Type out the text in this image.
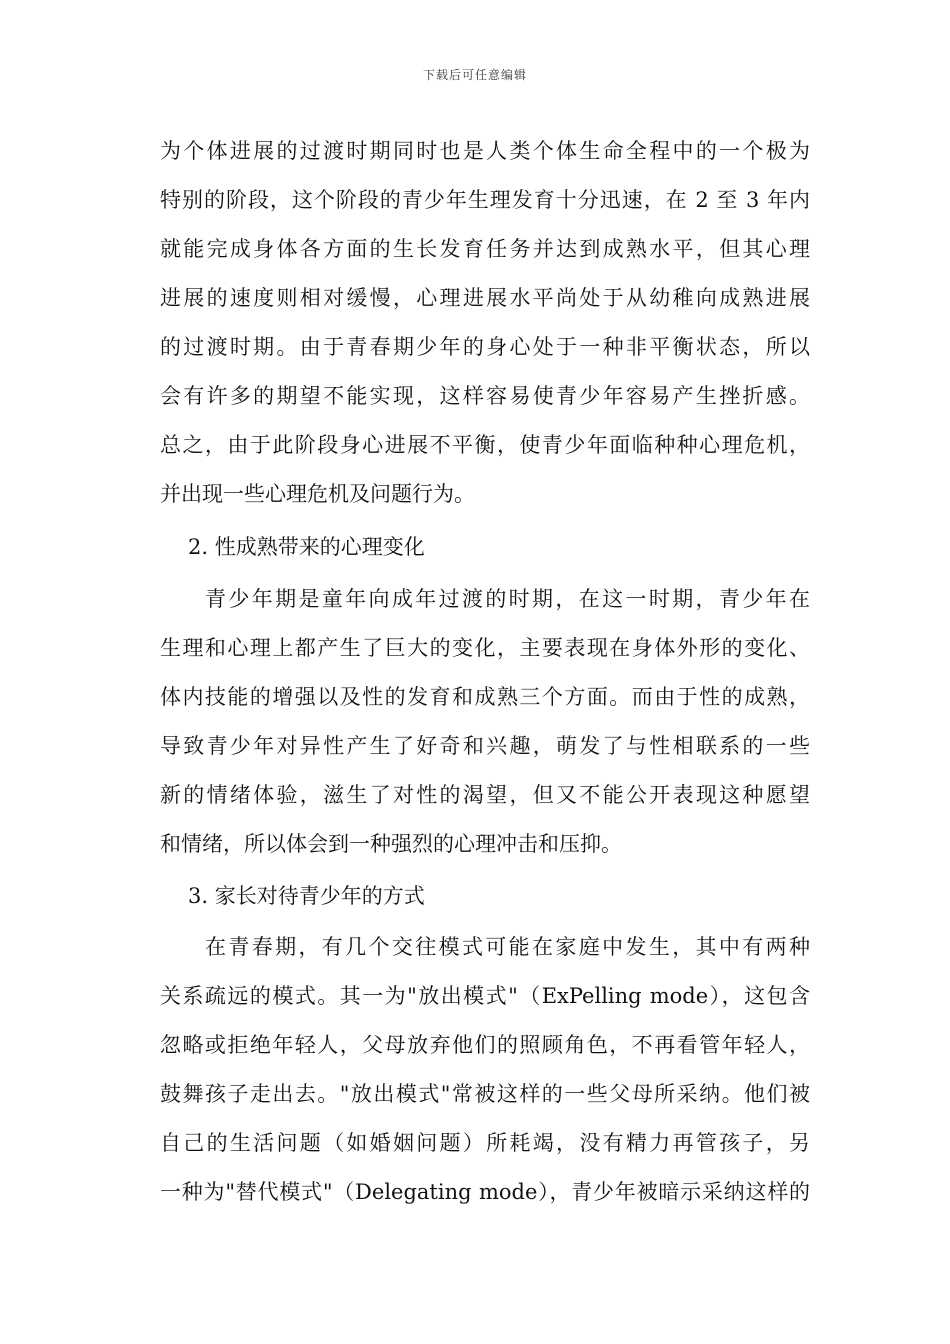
下载后可任意编辑
为个体进展的过渡时期同时也是人类个体生命全程中的一个极为
特别的阶段，这个阶段的青少年生理发育十分迅速，在 2 至 3 年内
就能完成身体各方面的生长发育任务并达到成熟水平，但其心理
进展的速度则相对缓慢，心理进展水平尚处于从幼稚向成熟进展
的过渡时期。由于青春期少年的身心处于一种非平衡状态，所以
会有许多的期望不能实现，这样容易使青少年容易产生挫折感。
总之，由于此阶段身心进展不平衡，使青少年面临种种心理危机，
并出现一些心理危机及问题行为。
2. 性成熟带来的心理变化
青少年期是童年向成年过渡的时期，在这一时期，青少年在
生理和心理上都产生了巨大的变化，主要表现在身体外形的变化、
体内技能的增强以及性的发育和成熟三个方面。而由于性的成熟，
导致青少年对异性产生了好奇和兴趣，萌发了与性相联系的一些
新的情绪体验，滋生了对性的渴望，但又不能公开表现这种愿望
和情绪，所以体会到一种强烈的心理冲击和压抑。
3. 家长对待青少年的方式
在青春期，有几个交往模式可能在家庭中发生，其中有两种
关系疏远的模式。其一为"放出模式"（ExPelling mode），这包含
忽略或拒绝年轻人，父母放弃他们的照顾角色，不再看管年轻人，
鼓舞孩子走出去。"放出模式"常被这样的一些父母所采纳。他们被
自己的生活问题（如婚姻问题）所耗竭，没有精力再管孩子，另
一种为"替代模式"（Delegating mode），青少年被暗示采纳这样的
